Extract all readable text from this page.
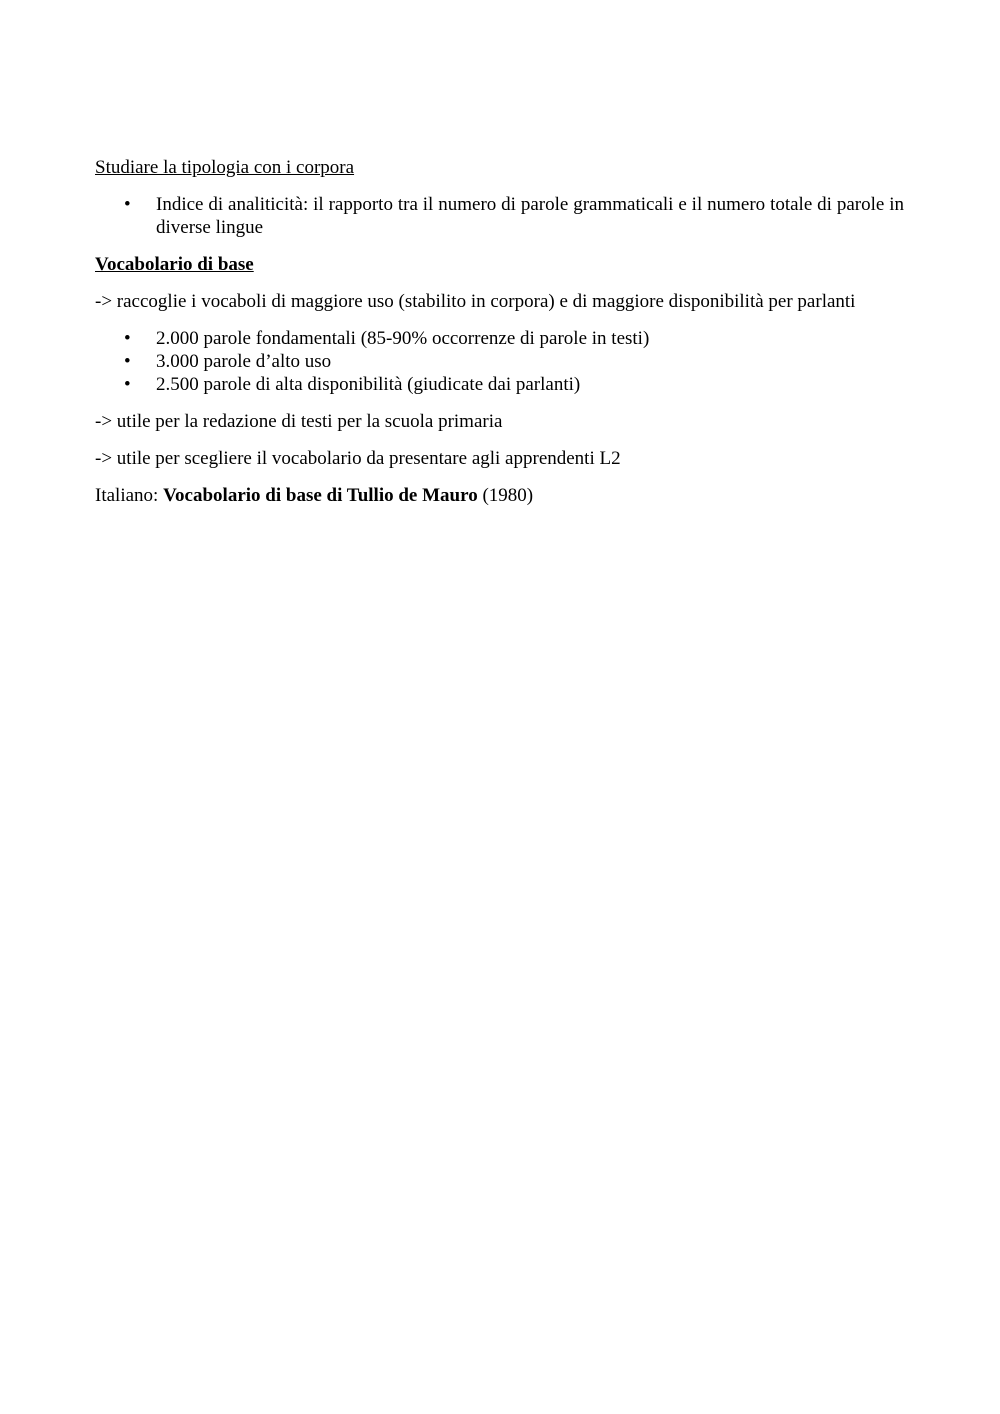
Studiare la tipologia con i corpora

• Indice di analiticità: il rapporto tra il numero di parole grammaticali e il numero totale di parole in diverse lingue

Vocabolario di base

-> raccoglie i vocaboli di maggiore uso (stabilito in corpora) e di maggiore disponibilità per parlanti

• 2.000 parole fondamentali (85-90% occorrenze di parole in testi)
• 3.000 parole d’alto uso
• 2.500 parole di alta disponibilità (giudicate dai parlanti)

-> utile per la redazione di testi per la scuola primaria

-> utile per scegliere il vocabolario da presentare agli apprendenti L2

Italiano: Vocabolario di base di Tullio de Mauro (1980)
